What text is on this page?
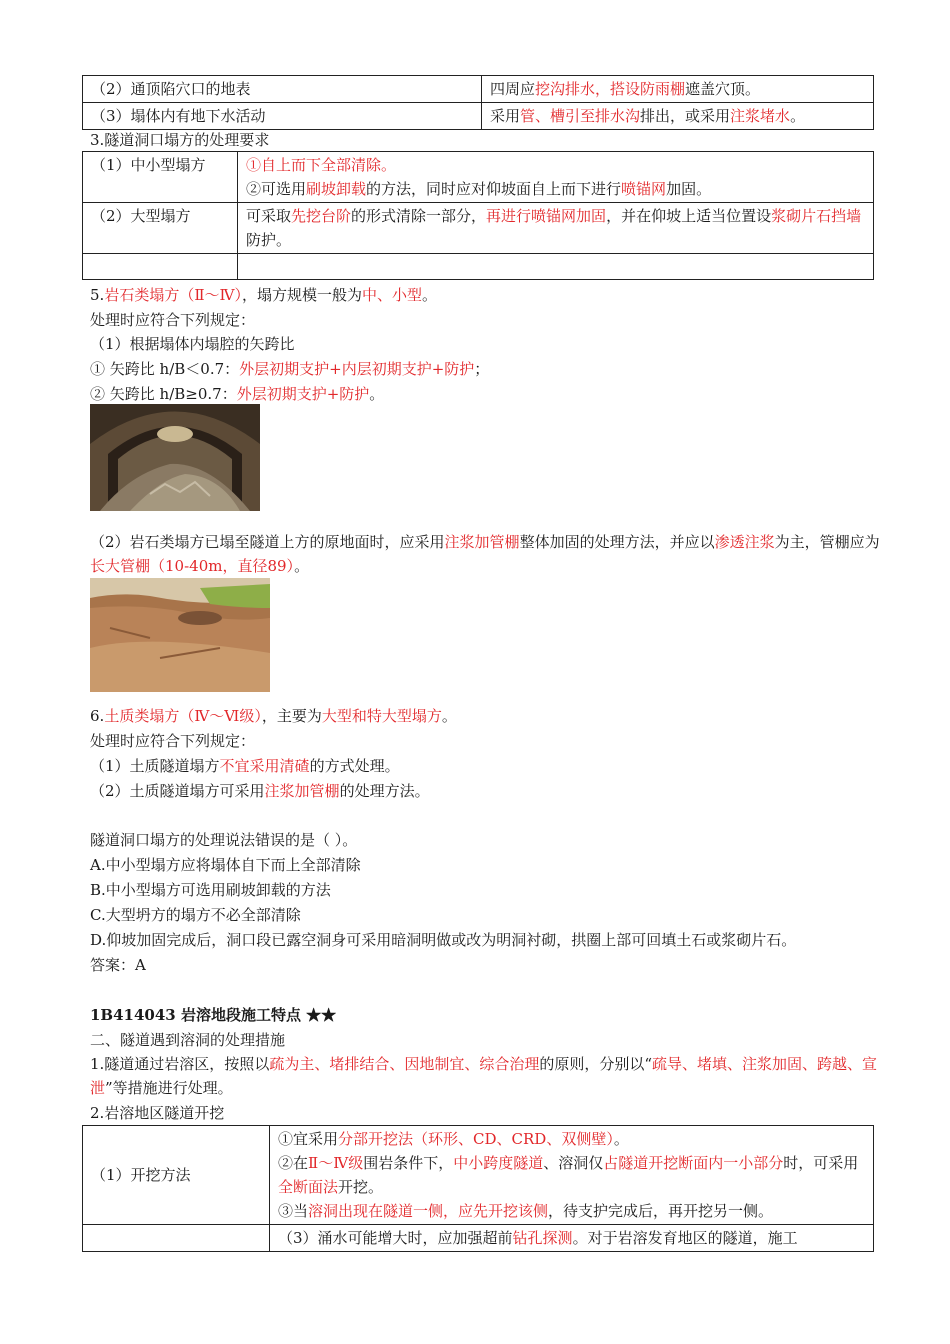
（2）通顶陷穴口的地表	四周应挖沟排水，搭设防雨棚遮盖穴顶。
（3）塌体内有地下水活动	采用管、槽引至排水沟排出，或采用注浆堵水。
3.隧道洞口塌方的处理要求
（1）中小型塌方	①自上而下全部清除。
②可选用刷坡卸载的方法，同时应对仰坡面自上而下进行喷锚网加固。

（2）大型塌方	可采取先挖台阶的形式清除一部分，再进行喷锚网加固，并在仰坡上适当位置设浆砌片石挡墙防护。

5.岩石类塌方（Ⅱ～Ⅳ），塌方规模一般为中、小型。
处理时应符合下列规定：
（1）根据塌体内塌腔的矢跨比
① 矢跨比 h/B＜0.7：外层初期支护+内层初期支护+防护；
② 矢跨比 h/B≥0.7：外层初期支护+防护。
（2）岩石类塌方已塌至隧道上方的原地面时，应采用注浆加管棚整体加固的处理方法，并应以渗透注浆为主，管棚应为长大管棚（10-40m，直径89）。
6.土质类塌方（Ⅳ～Ⅵ级），主要为大型和特大型塌方。
处理时应符合下列规定：
（1）土质隧道塌方不宜采用清碴的方式处理。
（2）土质隧道塌方可采用注浆加管棚的处理方法。
隧道洞口塌方的处理说法错误的是（ ）。
A.中小型塌方应将塌体自下而上全部清除
B.中小型塌方可选用刷坡卸载的方法
C.大型坍方的塌方不必全部清除
D.仰坡加固完成后，洞口段已露空洞身可采用暗洞明做或改为明洞衬砌，拱圈上部可回填土石或浆砌片石。
答案：A
1B414043 岩溶地段施工特点 ★★
二、隧道遇到溶洞的处理措施
1.隧道通过岩溶区，按照以疏为主、堵排结合、因地制宜、综合治理的原则，分别以“疏导、堵填、注浆加固、跨越、宣泄”等措施进行处理。
2.岩溶地区隧道开挖
（1）开挖方法	①宜采用分部开挖法（环形、CD、CRD、双侧壁）。
②在Ⅱ～Ⅳ级围岩条件下，中小跨度隧道、溶洞仅占隧道开挖断面内一小部分时，可采用全断面法开挖。
③当溶洞出现在隧道一侧，应先开挖该侧，待支护完成后，再开挖另一侧。

	（3）涌水可能增大时，应加强超前钻孔探测。对于岩溶发育地区的隧道，施工
